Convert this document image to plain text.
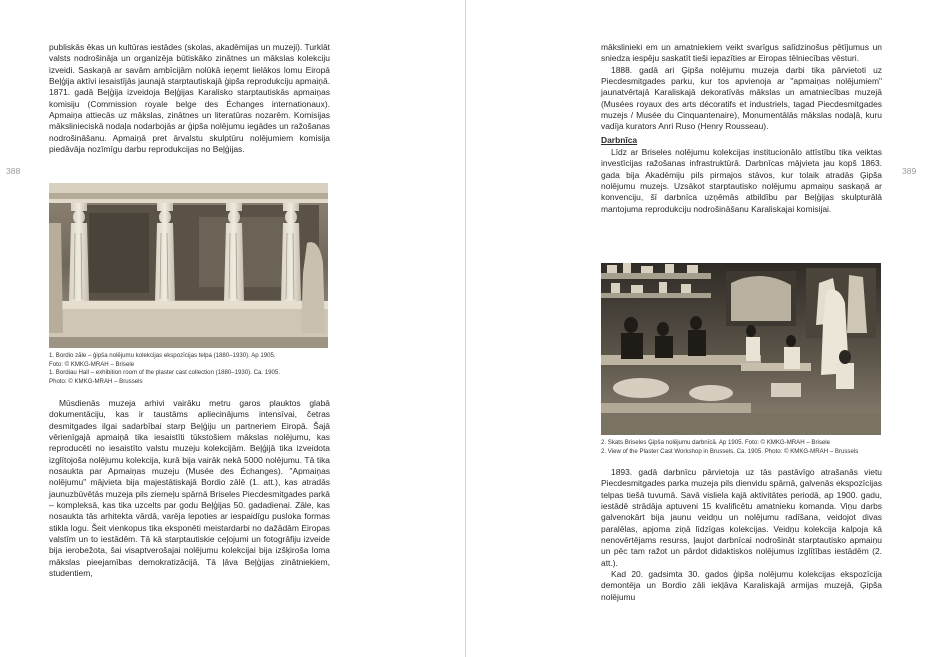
388	389

publiskās ēkas un kultūras iestādes (skolas, akadēmijas un muzeji). Turklāt valsts nodrošināja un organizēja būtiskāko zinātnes un mākslas kolekciju izveidi. Saskaņā ar savām ambīcijām nolūkā ieņemt lielākos lomu Eiropā Beļģija aktīvi iesaistījās jaunajā starptautiskajā ģipša reprodukciju apmaiņā. 1871. gadā Beļģija izveidoja Beļģijas Karalisko starptautiskās apmaiņas komisiju (Commission royale belge des Échanges internationaux). Apmaiņa attiecās uz mākslas, zinātnes un literatūras nozarēm. Komisijas mākslinieciskā nodaļa nodarbojās ar ģipša nolējumu iegādes un ražošanas nodrošināšanu. Apmaiņā pret ārvalstu skulptūru nolējumiem komisija piedāvāja nozīmīgu darbu reprodukcijas no Beļģijas.

1. Bordio zāle – ģipša nolējumu kolekcijas ekspozīcijas telpa (1880–1930). Ap 1905.
Foto: © KMKG-MRAH – Brisele
1. Bordiau Hall – exhibition room of the plaster cast collection (1880–1930). Ca. 1905.
Photo: © KMKG-MRAH – Brussels

Mūsdienās muzeja arhivi vairāku metru garos plauktos glabā dokumentāciju, kas ir taustāms apliecinājums intensīvai, četras desmitgades ilgai sadarbībai starp Beļģiju un partneriem Eiropā. Šajā vērienīgajā apmaiņā tika iesaistīti tūkstošiem mākslas nolējumu, kas reproducēti no iesaistīto valstu muzeju kolekcijām. Beļģijā tika izveidota izglītojoša nolējumu kolekcija, kurā bija vairāk nekā 5000 nolējumu. Tā tika nosaukta par Apmaiņas muzeju (Musée des Échanges). "Apmaiņas nolējumu" mājvieta bija majestātiskajā Bordio zālē (1. att.), kas atradās jaunuzbūvētās muzeja pils ziemeļu spārnā Briseles Piecdesmitgades parkā – kompleksā, kas tika uzcelts par godu Beļģijas 50. gadadienai. Zāle, kas nosaukta tās arhitekta vārdā, varēja lepoties ar iespaidīgu pusloka formas stikla logu. Šeit vienkopus tika eksponēti meistardarbi no dažādām Eiropas valstīm un to iestādēm. Tā kā starptautiskie ceļojumi un fotogrāfiju izveide bija ierobežota, šai visaptverošajai nolējumu kolekcijai bija izšķiroša loma mākslas pieejamības demokratizācijā. Tā ļāva Beļģijas zinātniekiem, studentiem,

mākslinieki em un amatniekiem veikt svarīgus salīdzinošus pētījumus un sniedza iespēju saskatīt tieši iepazīties ar Eiropas tēlniecības vēsturi.

1888. gadā ari Ģipša nolējumu muzeja darbi tika pārvietoti uz Piecdesmitgades parku, kur tos apvienoja ar "apmaiņas nolējumiem" jaunatvērtajā Karaliskajā dekoratīvās mākslas un amatniecības muzejā (Musées royaux des arts décoratifs et industriels, tagad Piecdesmitgades muzejs / Musée du Cinquantenaire), Monumentālās mākslas nodaļā, kuru vadīja kurators Anri Ruso (Henry Rousseau).

Darbnīca

Līdz ar Briseles nolējumu kolekcijas institucionālo attīstību tika veiktas investīcijas ražošanas infrastruktūrā. Darbnīcas mājvieta jau kopš 1863. gada bija Akadēmiju pils pirmajos stāvos, kur tolaik atradās Ģipša nolējumu muzejs. Uzsākot starptautisko nolējumu apmaiņu saskaņā ar konvenciju, šī darbnīca uzņēmās atbildību par Beļģijas skulpturālā mantojuma reprodukciju nodrošināšanu Karaliskajai komisijai.

2. Skats Briseles Ģipša nolējumu darbnīcā. Ap 1905. Foto: © KMKG-MRAH – Brisele
2. View of the Plaster Cast Workshop in Brussels. Ca. 1905. Photo: © KMKG-MRAH – Brussels

1893. gadā darbnīcu pārvietoja uz tās pastāvīgo atrašanās vietu Piecdesmitgades parka muzeja pils dienvidu spārnā, galvenās ekspozīcijas telpas tiešā tuvumā. Savā visliela kajā aktivitātes periodā, ap 1900. gadu, iestādē strādāja aptuveni 15 kvalificētu amatnieku komanda. Viņu darbs galvenokārt bija jaunu veidņu un nolējumu radīšana, veidojot divas paralēlas, apjoma ziņā līdzīgas kolekcijas. Veidņu kolekcija kalpoja kā nenovērtējams resurss, ļaujot darbnīcai nodrošināt starptautisko apmaiņu un pēc tam ražot un pārdot didaktiskos nolējumus izglītības iestādēm (2. att.).

Kad 20. gadsimta 30. gados ģipša nolējumu kolekcijas ekspozīcija demontēja un Bordio zāli iekļāva Karaliskajā armijas muzejā, Ģipša nolējumu
